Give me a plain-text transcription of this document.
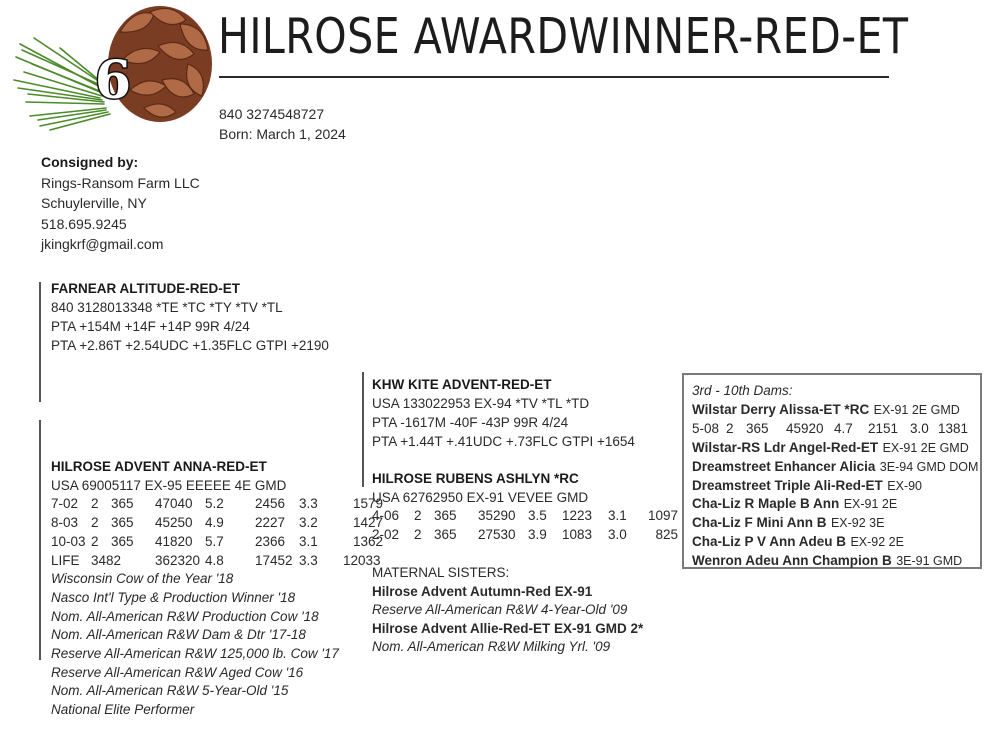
6
HILROSE AWARDWINNER-RED-ET
840 3274548727
Born: March 1, 2024
Consigned by:
Rings-Ransom Farm LLC
Schuylerville, NY
518.695.9245
jkingkrf@gmail.com
FARNEAR ALTITUDE-RED-ET
840 3128013348 *TE *TC *TY *TV *TL
PTA +154M +14F +14P 99R 4/24
PTA +2.86T +2.54UDC +1.35FLC GTPI +2190
HILROSE ADVENT ANNA-RED-ET
USA 69005117 EX-95 EEEEE 4E GMD
7-02	2	365	47040	5.2	2456	3.3	1579
8-03	2	365	45250	4.9	2227	3.2	1427
10-03	2	365	41820	5.7	2366	3.1	1362
LIFE	3482		362320	4.8	17452	3.3	12033
Wisconsin Cow of the Year '18
Nasco Int'l Type & Production Winner '18
Nom. All-American R&W Production Cow '18
Nom. All-American R&W Dam & Dtr '17-18
Reserve All-American R&W 125,000 lb. Cow '17
Reserve All-American R&W Aged Cow '16
Nom. All-American R&W 5-Year-Old '15
National Elite Performer
KHW KITE ADVENT-RED-ET
USA 133022953 EX-94 *TV *TL *TD
PTA -1617M -40F -43P 99R 4/24
PTA +1.44T +.41UDC +.73FLC GTPI +1654
HILROSE RUBENS ASHLYN *RC
USA 62762950 EX-91 VEVEE GMD
4-06	2	365	35290	3.5	1223	3.1	1097
2-02	2	365	27530	3.9	1083	3.0	825
MATERNAL SISTERS:
Hilrose Advent Autumn-Red EX-91
Reserve All-American R&W 4-Year-Old '09
Hilrose Advent Allie-Red-ET EX-91 GMD 2*
Nom. All-American R&W Milking Yrl. '09
3rd - 10th Dams:
Wilstar Derry Alissa-ET *RC EX-91 2E GMD
5-08	2	365	45920	4.7	2151	3.0	1381
Wilstar-RS Ldr Angel-Red-ET EX-91 2E GMD
Dreamstreet Enhancer Alicia 3E-94 GMD DOM
Dreamstreet Triple Ali-Red-ET EX-90
Cha-Liz R Maple B Ann EX-91 2E
Cha-Liz F Mini Ann B EX-92 3E
Cha-Liz P V Ann Adeu B EX-92 2E
Wenron Adeu Ann Champion B 3E-91 GMD
